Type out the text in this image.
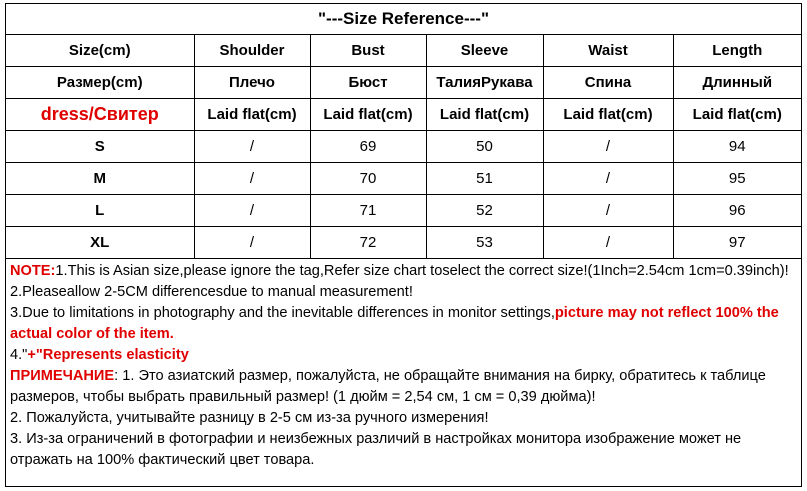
"---Size Reference---"
Size(cm)	Shoulder	Bust	Sleeve	Waist	Length
Размер(cm)	Плечо	Бюст	ТалияРукава	Спина	Длинный
dress/Свитер	Laid flat(cm)	Laid flat(cm)	Laid flat(cm)	Laid flat(cm)	Laid flat(cm)
S	/	69	50	/	94
M	/	70	51	/	95
L	/	71	52	/	96
XL	/	72	53	/	97

NOTE:1.This is Asian size,please ignore the tag,Refer size chart toselect the correct size!(1Inch=2.54cm 1cm=0.39inch)!

2.Pleaseallow 2-5CM differencesdue to manual measurement!

3.Due to limitations in photography and the inevitable differences in monitor settings,picture may not reflect 100% the actual color of the item.

4."+"Represents elasticity

ПРИМЕЧАНИЕ: 1. Это азиатский размер, пожалуйста, не обращайте внимания на бирку, обратитесь к таблице размеров, чтобы выбрать правильный размер! (1 дюйм = 2,54 см, 1 см = 0,39 дюйма)!

2. Пожалуйста, учитывайте разницу в 2-5 см из-за ручного измерения!

3. Из-за ограничений в фотографии и неизбежных различий в настройках монитора изображение может не отражать на 100% фактический цвет товара.
